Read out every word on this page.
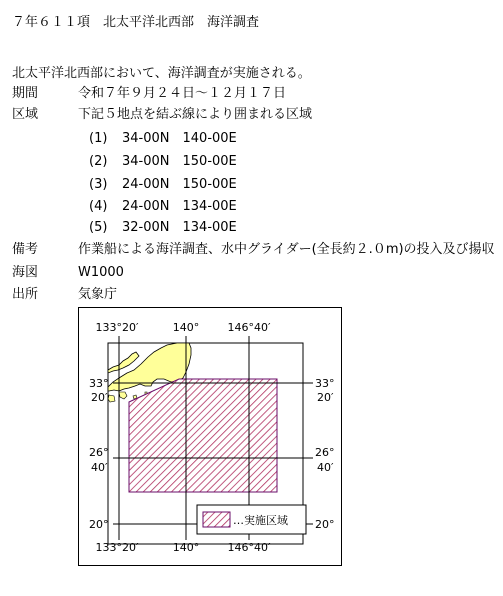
７年６１１項　北太平洋北西部　海洋調査
北太平洋北西部において、海洋調査が実施される。
期間	令和７年９月２４日～１２月１７日
区域	下記５地点を結ぶ線により囲まれる区域
(1) 34-00N　140-00E
(2) 34-00N　150-00E
(3) 24-00N　150-00E
(4) 24-00N　134-00E
(5) 32-00N　134-00E
備考	作業船による海洋調査、水中グライダー(全長約２.０m)の投入及び揚収
海図	W1000
出所	気象庁
…実施区域
133°20′	140°	146°40′
133°20′	140°	146°40′
33°
20′
26°
40′
20°
33°
20′
26°
40′
20°
